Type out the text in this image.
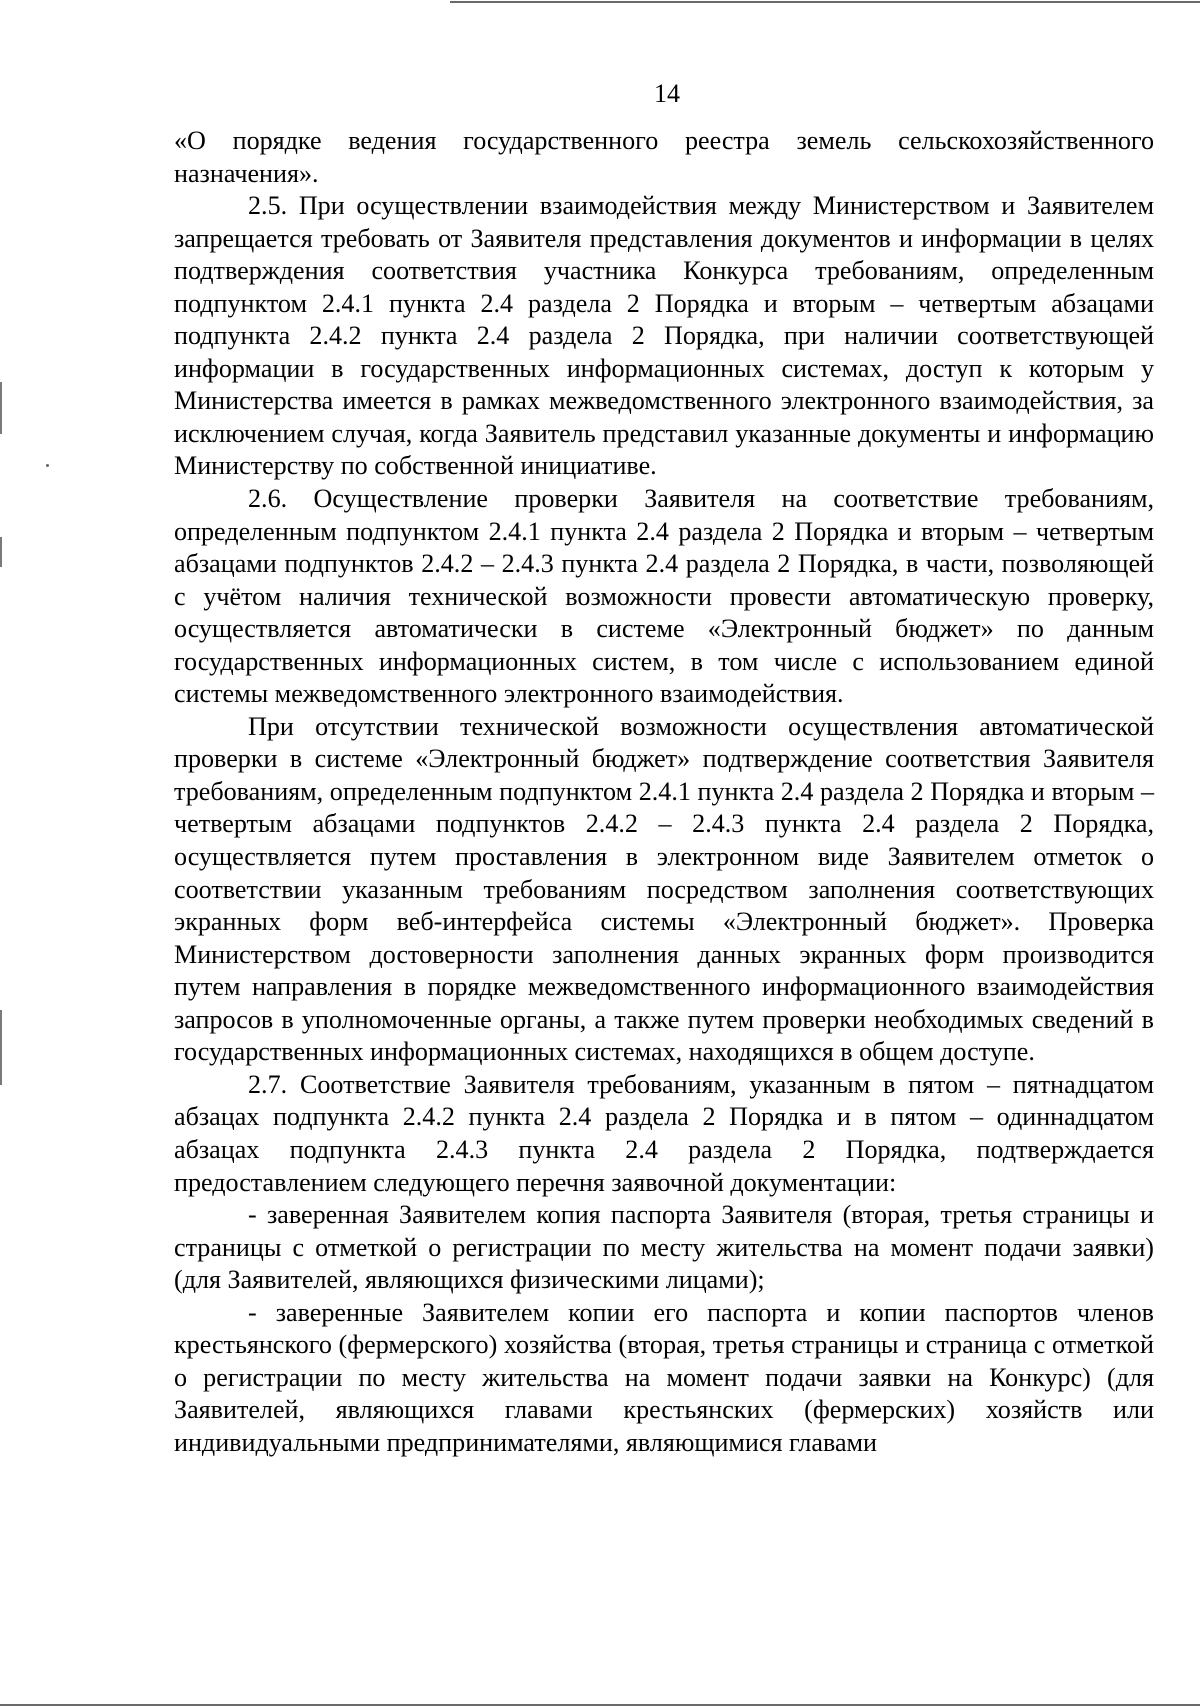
14

«О порядке ведения государственного реестра земель сельскохозяйственного назначения».

2.5. При осуществлении взаимодействия между Министерством и Заявителем запрещается требовать от Заявителя представления документов и информации в целях подтверждения соответствия участника Конкурса требованиям, определенным подпунктом 2.4.1 пункта 2.4 раздела 2 Порядка и вторым – четвертым абзацами подпункта 2.4.2 пункта 2.4 раздела 2 Порядка, при наличии соответствующей информации в государственных информационных системах, доступ к которым у Министерства имеется в рамках межведомственного электронного взаимодействия, за исключением случая, когда Заявитель представил указанные документы и информацию Министерству по собственной инициативе.

2.6. Осуществление проверки Заявителя на соответствие требованиям, определенным подпунктом 2.4.1 пункта 2.4 раздела 2 Порядка и вторым – четвертым абзацами подпунктов 2.4.2 – 2.4.3 пункта 2.4 раздела 2 Порядка, в части, позволяющей с учётом наличия технической возможности провести автоматическую проверку, осуществляется автоматически в системе «Электронный бюджет» по данным государственных информационных систем, в том числе с использованием единой системы межведомственного электронного взаимодействия.

При отсутствии технической возможности осуществления автоматической проверки в системе «Электронный бюджет» подтверждение соответствия Заявителя требованиям, определенным подпунктом 2.4.1 пункта 2.4 раздела 2 Порядка и вторым – четвертым абзацами подпунктов 2.4.2 – 2.4.3 пункта 2.4 раздела 2 Порядка, осуществляется путем проставления в электронном виде Заявителем отметок о соответствии указанным требованиям посредством заполнения соответствующих экранных форм веб-интерфейса системы «Электронный бюджет». Проверка Министерством достоверности заполнения данных экранных форм производится путем направления в порядке межведомственного информационного взаимодействия запросов в уполномоченные органы, а также путем проверки необходимых сведений в государственных информационных системах, находящихся в общем доступе.

2.7. Соответствие Заявителя требованиям, указанным в пятом – пятнадцатом абзацах подпункта 2.4.2 пункта 2.4 раздела 2 Порядка и в пятом – одиннадцатом абзацах подпункта 2.4.3 пункта 2.4 раздела 2 Порядка, подтверждается предоставлением следующего перечня заявочной документации:

- заверенная Заявителем копия паспорта Заявителя (вторая, третья страницы и страницы с отметкой о регистрации по месту жительства на момент подачи заявки) (для Заявителей, являющихся физическими лицами);

- заверенные Заявителем копии его паспорта и копии паспортов членов крестьянского (фермерского) хозяйства (вторая, третья страницы и страница с отметкой о регистрации по месту жительства на момент подачи заявки на Конкурс) (для Заявителей, являющихся главами крестьянских (фермерских) хозяйств или индивидуальными предпринимателями, являющимися главами
